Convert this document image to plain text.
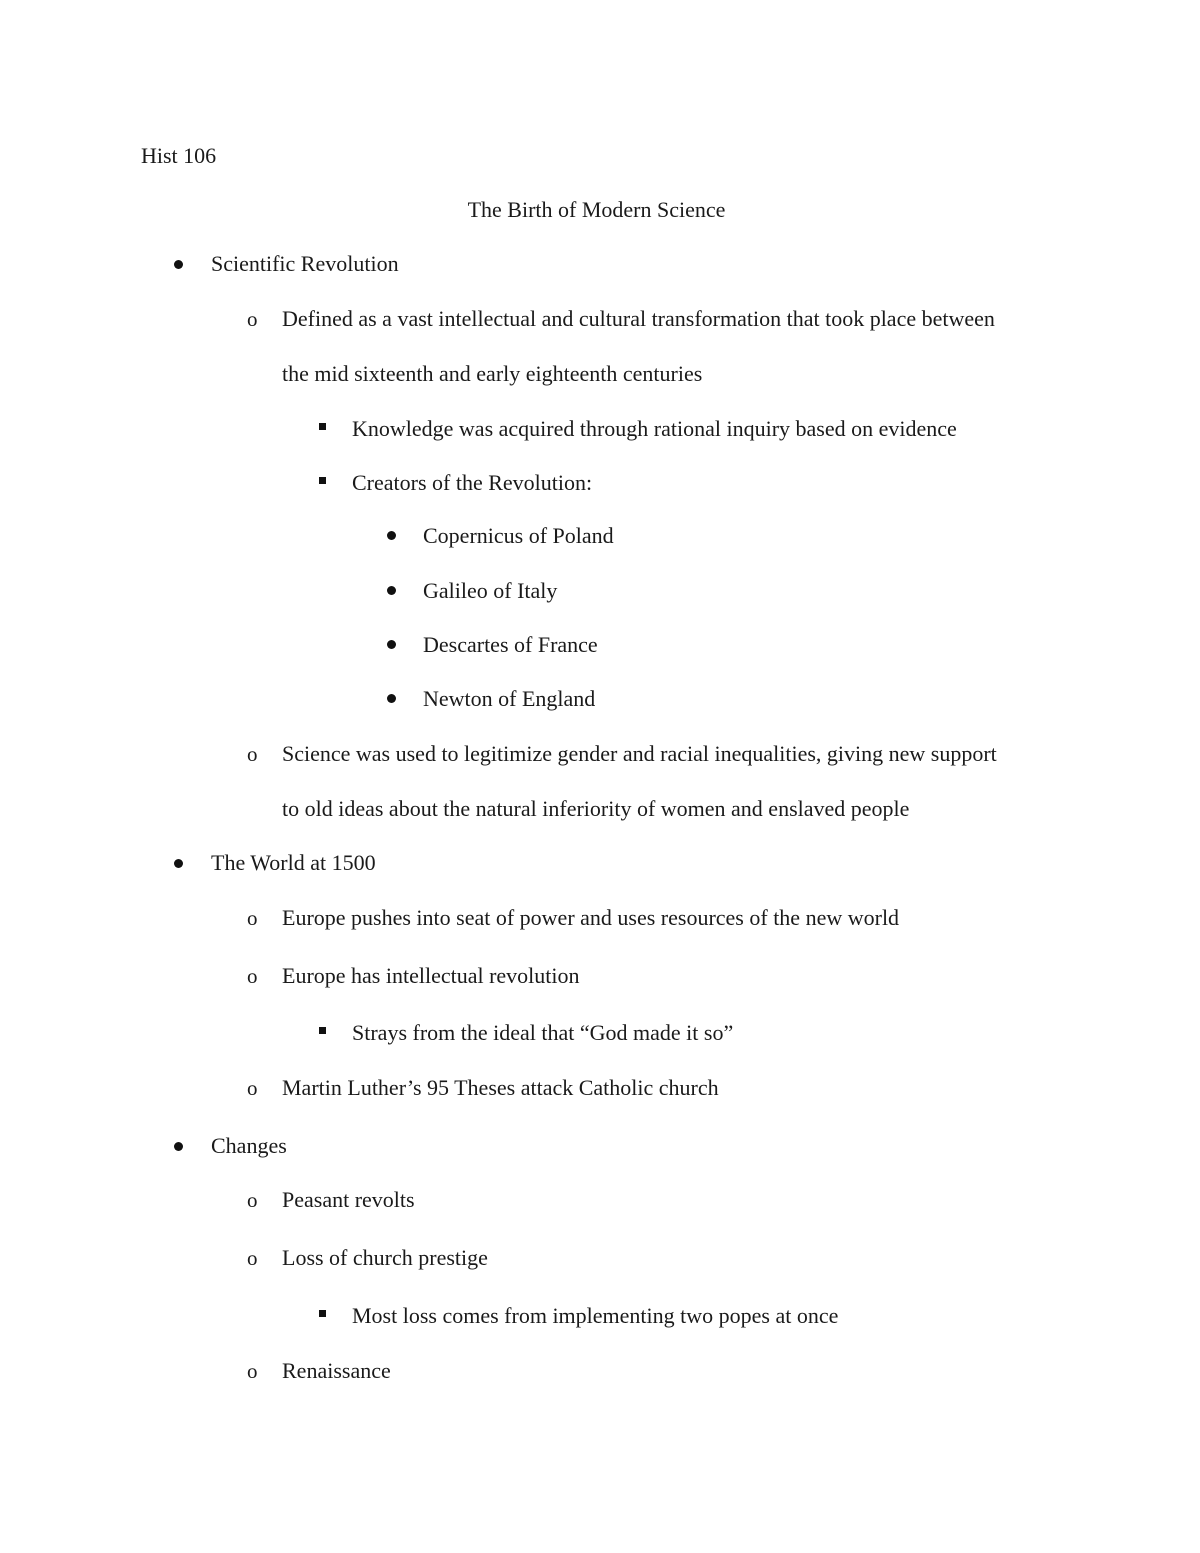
Hist 106
The Birth of Modern Science
Scientific Revolution
o Defined as a vast intellectual and cultural transformation that took place between
the mid sixteenth and early eighteenth centuries
Knowledge was acquired through rational inquiry based on evidence
Creators of the Revolution:
Copernicus of Poland
Galileo of Italy
Descartes of France
Newton of England
o Science was used to legitimize gender and racial inequalities, giving new support
to old ideas about the natural inferiority of women and enslaved people
The World at 1500
o Europe pushes into seat of power and uses resources of the new world
o Europe has intellectual revolution
Strays from the ideal that “God made it so”
o Martin Luther’s 95 Theses attack Catholic church
Changes
o Peasant revolts
o Loss of church prestige
Most loss comes from implementing two popes at once
o Renaissance
